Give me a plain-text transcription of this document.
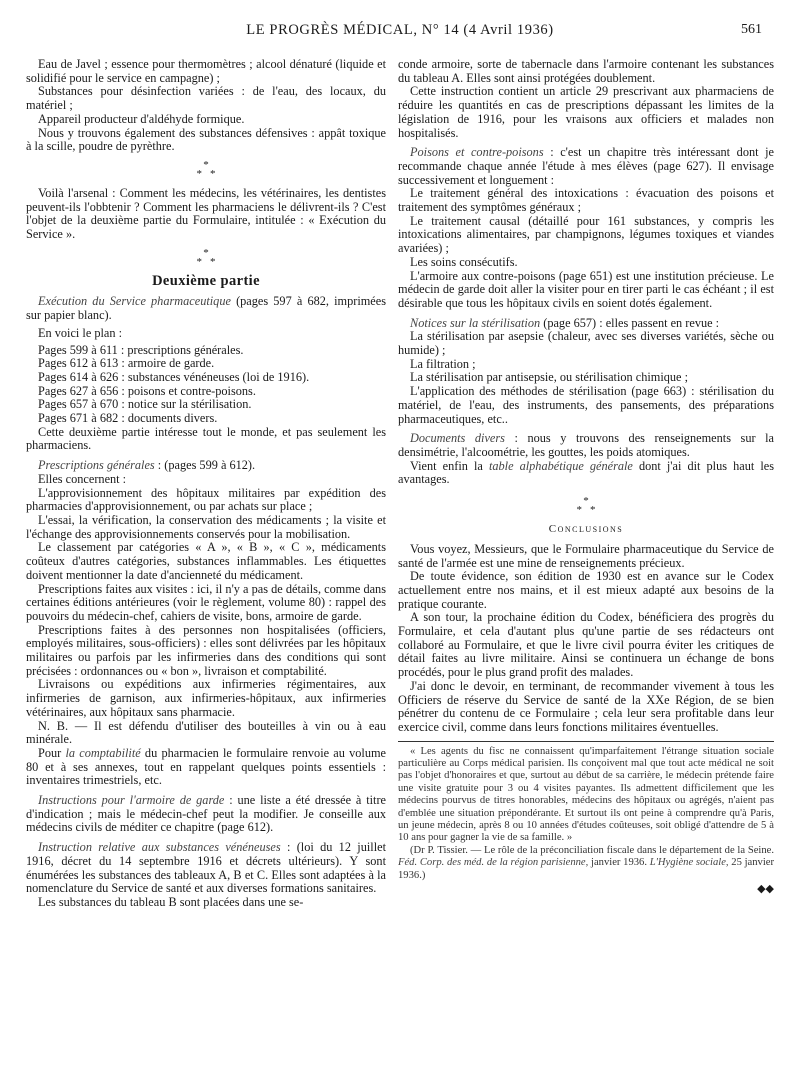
LE PROGRÈS MÉDICAL, N° 14 (4 Avril 1936)	561

Eau de Javel ; essence pour thermomètres ; alcool dénaturé (liquide et solidifié pour le service en campagne) ;

Substances pour désinfection variées : de l'eau, des locaux, du matériel ;

Appareil producteur d'aldéhyde formique.

Nous y trouvons également des substances défensives : appât toxique à la scille, poudre de pyrèthre.

*
**

Voilà l'arsenal : Comment les médecins, les vétérinaires, les dentistes peuvent-ils l'obbtenir ? Comment les pharmaciens le délivrent-ils ? C'est l'objet de la deuxième partie du Formulaire, intitulée : « Exécution du Service ».

*
**
Deuxième partie

Exécution du Service pharmaceutique (pages 597 à 682, imprimées sur papier blanc).

En voici le plan :

Pages 599 à 611 : prescriptions générales.
Pages 612 à 613 : armoire de garde.
Pages 614 à 626 : substances vénéneuses (loi de 1916).
Pages 627 à 656 : poisons et contre-poisons.
Pages 657 à 670 : notice sur la stérilisation.
Pages 671 à 682 : documents divers.

Cette deuxième partie intéresse tout le monde, et pas seulement les pharmaciens.

Prescriptions générales : (pages 599 à 612).

Elles concernent :

L'approvisionnement des hôpitaux militaires par expédition des pharmacies d'approvisionnement, ou par achats sur place ;

L'essai, la vérification, la conservation des médicaments ; la visite et l'échange des approvisionnements conservés pour la mobilisation.

Le classement par catégories « A », « B », « C », médicaments coûteux d'autres catégories, substances inflammables. Les étiquettes doivent mentionner la date d'ancienneté du médicament.

Prescriptions faites aux visites : ici, il n'y a pas de détails, comme dans certaines éditions antérieures (voir le règlement, volume 80) : rappel des pouvoirs du médecin-chef, cahiers de visite, bons, armoire de garde.

Prescriptions faites à des personnes non hospitalisées (officiers, employés militaires, sous-officiers) : elles sont délivrées par les hôpitaux militaires ou parfois par les infirmeries dans des conditions qui sont précisées : ordonnances ou « bon », livraison et comptabilité.

Livraisons ou expéditions aux infirmeries régimentaires, aux infirmeries de garnison, aux infirmeries-hôpitaux, aux infirmeries vétérinaires, aux hôpitaux sans pharmacie.

N. B. — Il est défendu d'utiliser des bouteilles à vin ou à eau minérale.

Pour la comptabilité du pharmacien le formulaire renvoie au volume 80 et à ses annexes, tout en rappelant quelques points essentiels : inventaires trimestriels, etc.

Instructions pour l'armoire de garde : une liste a été dressée à titre d'indication ; mais le médecin-chef peut la modifier. Je conseille aux médecins civils de méditer ce chapitre (page 612).

Instruction relative aux substances vénéneuses : (loi du 12 juillet 1916, décret du 14 septembre 1916 et décrets ultérieurs). Y sont énumérées les substances des tableaux A, B et C. Elles sont adaptées à la nomenclature du Service de santé et aux diverses formations sanitaires.

Les substances du tableau B sont placées dans une se-

conde armoire, sorte de tabernacle dans l'armoire contenant les substances du tableau A. Elles sont ainsi protégées doublement.

Cette instruction contient un article 29 prescrivant aux pharmaciens de réduire les quantités en cas de prescriptions dépassant les limites de la législation de 1916, pour les vraisons aux officiers et malades non hospitalisés.

Poisons et contre-poisons : c'est un chapitre très intéressant dont je recommande chaque année l'étude à mes élèves (page 627). Il envisage successivement et longuement :

Le traitement général des intoxications : évacuation des poisons et traitement des symptômes généraux ;

Le traitement causal (détaillé pour 161 substances, y compris les intoxications alimentaires, par champignons, légumes toxiques et viandes avariées) ;

Les soins consécutifs.

L'armoire aux contre-poisons (page 651) est une institution précieuse. Le médecin de garde doit aller la visiter pour en tirer parti le cas échéant ; il est désirable que tous les hôpitaux civils en soient dotés également.

Notices sur la stérilisation (page 657) : elles passent en revue :

La stérilisation par asepsie (chaleur, avec ses diverses variétés, sèche ou humide) ;

La filtration ;

La stérilisation par antisepsie, ou stérilisation chimique ;

L'application des méthodes de stérilisation (page 663) : stérilisation du matériel, de l'eau, des instruments, des pansements, des préparations pharmaceutiques, etc..

Documents divers : nous y trouvons des renseignements sur la densimétrie, l'alcoométrie, les gouttes, les poids atomiques.

Vient enfin la table alphabétique générale dont j'ai dit plus haut les avantages.

*
**
Conclusions

Vous voyez, Messieurs, que le Formulaire pharmaceutique du Service de santé de l'armée est une mine de renseignements précieux.

De toute évidence, son édition de 1930 est en avance sur le Codex actuellement entre nos mains, et il est mieux adapté aux besoins de la pratique courante.

A son tour, la prochaine édition du Codex, bénéficiera des progrès du Formulaire, et cela d'autant plus qu'une partie de ses rédacteurs ont collaboré au Formulaire, et que le livre civil pourra éviter les critiques de détail faites au livre militaire. Ainsi se continuera un échange de bons procédés, pour le plus grand profit des malades.

J'ai donc le devoir, en terminant, de recommander vivement à tous les Officiers de réserve du Service de santé de la XXe Région, de se bien pénétrer du contenu de ce Formulaire ; cela leur sera profitable dans leur exercice civil, comme dans leurs fonctions militaires éventuelles.

« Les agents du fisc ne connaissent qu'imparfaitement l'étrange situation sociale particulière au Corps médical parisien. Ils conçoivent mal que tout acte médical ne soit pas l'objet d'honoraires et que, surtout au début de sa carrière, le médecin prétende faire une visite gratuite pour 3 ou 4 visites payantes. Ils admettent difficilement que les médecins pourvus de titres honorables, médecins des hôpitaux ou agrégés, n'aient pas d'emblée une situation prépondérante. Et surtout ils ont peine à comprendre qu'à Paris, un jeune médecin, après 8 ou 10 années d'études coûteuses, soit obligé d'attendre de 5 à 10 ans pour gagner la vie de sa famille. »

(Dr P. Tissier. — Le rôle de la préconciliation fiscale dans le département de la Seine. Féd. Corp. des méd. de la région parisienne, janvier 1936. L'Hygiène sociale, 25 janvier 1936.)

◆◆
